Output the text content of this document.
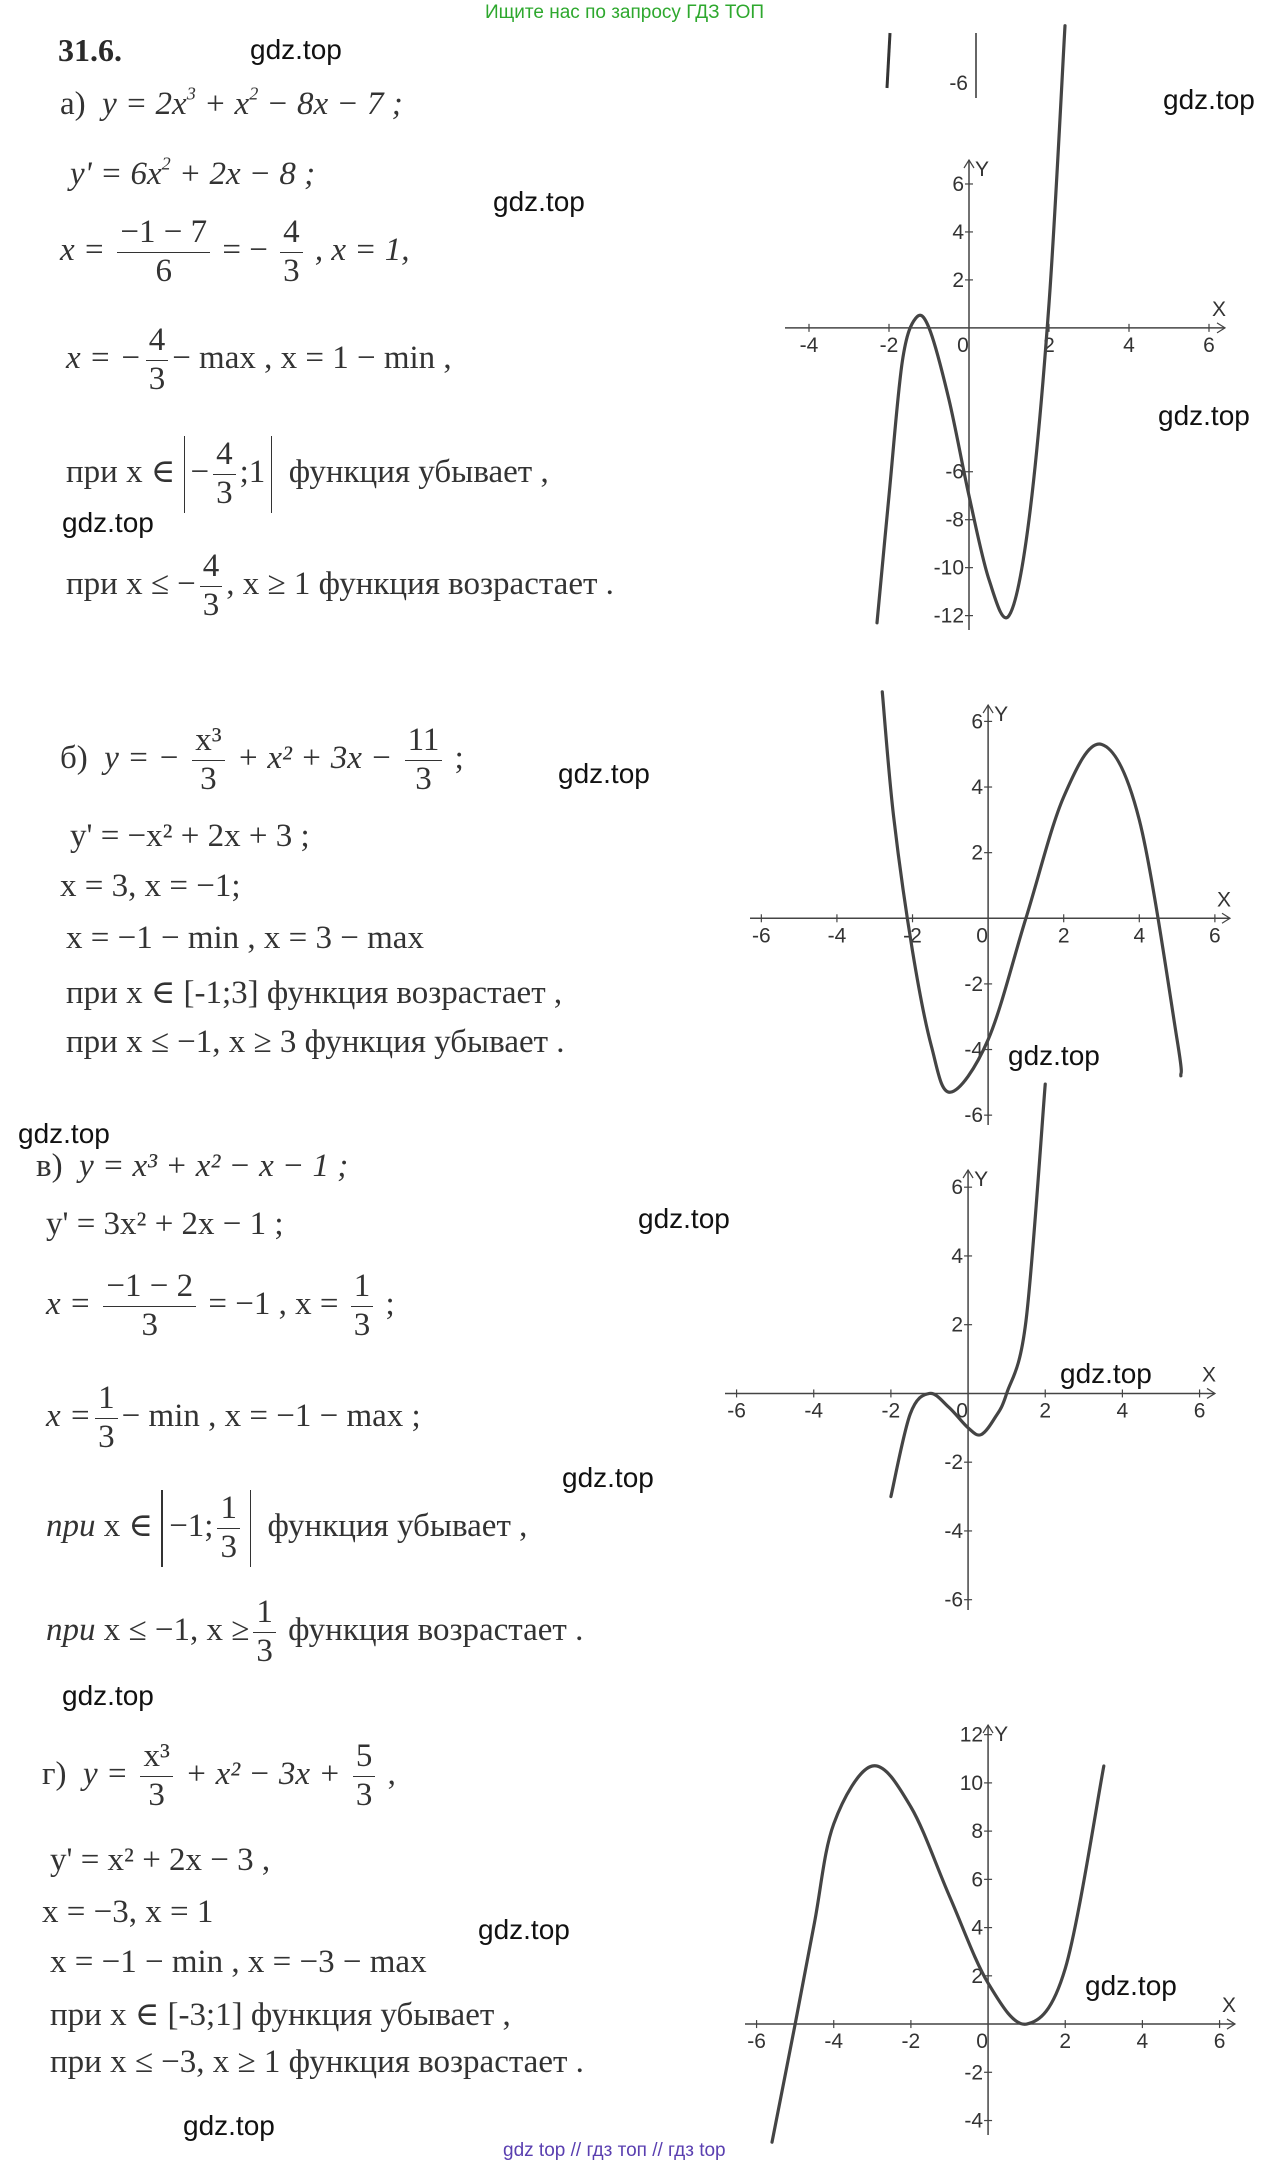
Ищите нас по запросу ГДЗ ТОП
31.6.	gdz.top
gdz.top
gdz.top
gdz.top
gdz.top
gdz.top
gdz.top
gdz.top
gdz.top
gdz.top
gdz.top
gdz.top
gdz.top
gdz.top
gdz.top
gdz top // гдз топ // гдз top
-6
а) $y = 2x^3 + x^2 - 8x - 7$ ;
$y' = 6x^2 + 2x - 8$ ;
$x = \frac{-1 - 7}{6}$ = − $\frac{4}{3}$ , x = 1,
x = − $\frac{4}{3} - \max$ , x = 1 − min ,
при x ∈ − $\frac{4}{3}$ ;1 функция убывает ,
при x ≤ − $\frac{4}{3}$ , x ≥ 1 функция возрастает .
X
Y
-4	-2	0	2	4	6
6
4
2
-6
-8
-10
-12
б) y = − $\frac{\text{x³}}{3} + x^2 + 3x - \frac{11}{3}$ ;
y' = −x² + 2x + 3 ;
x = 3, x = −1;
x = −1 − min , x = 3 − max
при x ∈ [-1;3] функция возрастает ,
при x ≤ −1, x ≥ 3 функция убывает .
X
Y
-6	-4	-2	0	2	4	6
6
4
2
-2
-4
-6
в) y = x³ + x² − x − 1 ;
y' = 3x² + 2x − 1 ;
$x = \frac{-1 - 2}{3} = -1$ , $x = \frac{1}{3}$ ;
$x = \frac{1}{3} - \min$ , x = −1 − max ;
при x ∈ −1; $\frac{1}{3}$ функция убывает ,
при x ≤ −1, $x \ge \frac{1}{3}$ функция возрастает .
X
Y
-6	-4	-2	0	2	4	6
6
4
2
-2
-4
-6
г) $y = \frac{\text{x³}}{3} + x^2 - 3x + \frac{5}{3}$ ,
y' = x² + 2x − 3 ,
x = −3, x = 1
x = −1 − min , x = −3 − max
при x ∈ [-3;1] функция убывает ,
при x ≤ −3, x ≥ 1 функция возрастает .
X
Y
-6	-4	-2	0	2	4	6
12
10
8
6
4
2
-2
-4
